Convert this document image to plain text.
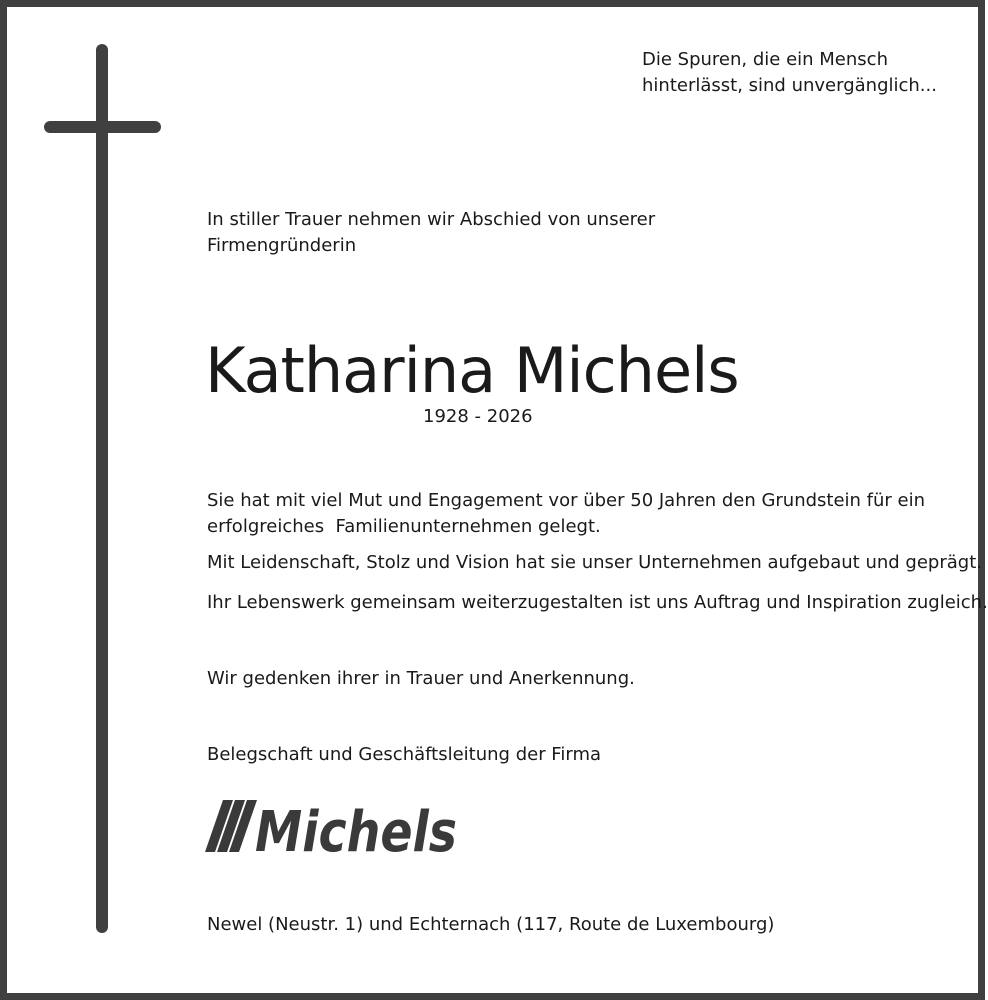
Die Spuren, die ein Mensch
hinterlässt, sind unvergänglich...
In stiller Trauer nehmen wir Abschied von unserer
Firmengründerin
Katharina Michels
1928 - 2026
Sie hat mit viel Mut und Engagement vor über 50 Jahren den Grundstein für ein
erfolgreiches  Familienunternehmen gelegt.
Mit Leidenschaft, Stolz und Vision hat sie unser Unternehmen aufgebaut und geprägt.
Ihr Lebenswerk gemeinsam weiterzugestalten ist uns Auftrag und Inspiration zugleich.
Wir gedenken ihrer in Trauer und Anerkennung.
Belegschaft und Geschäftsleitung der Firma
Michels
Newel (Neustr. 1) und Echternach (117, Route de Luxembourg)
